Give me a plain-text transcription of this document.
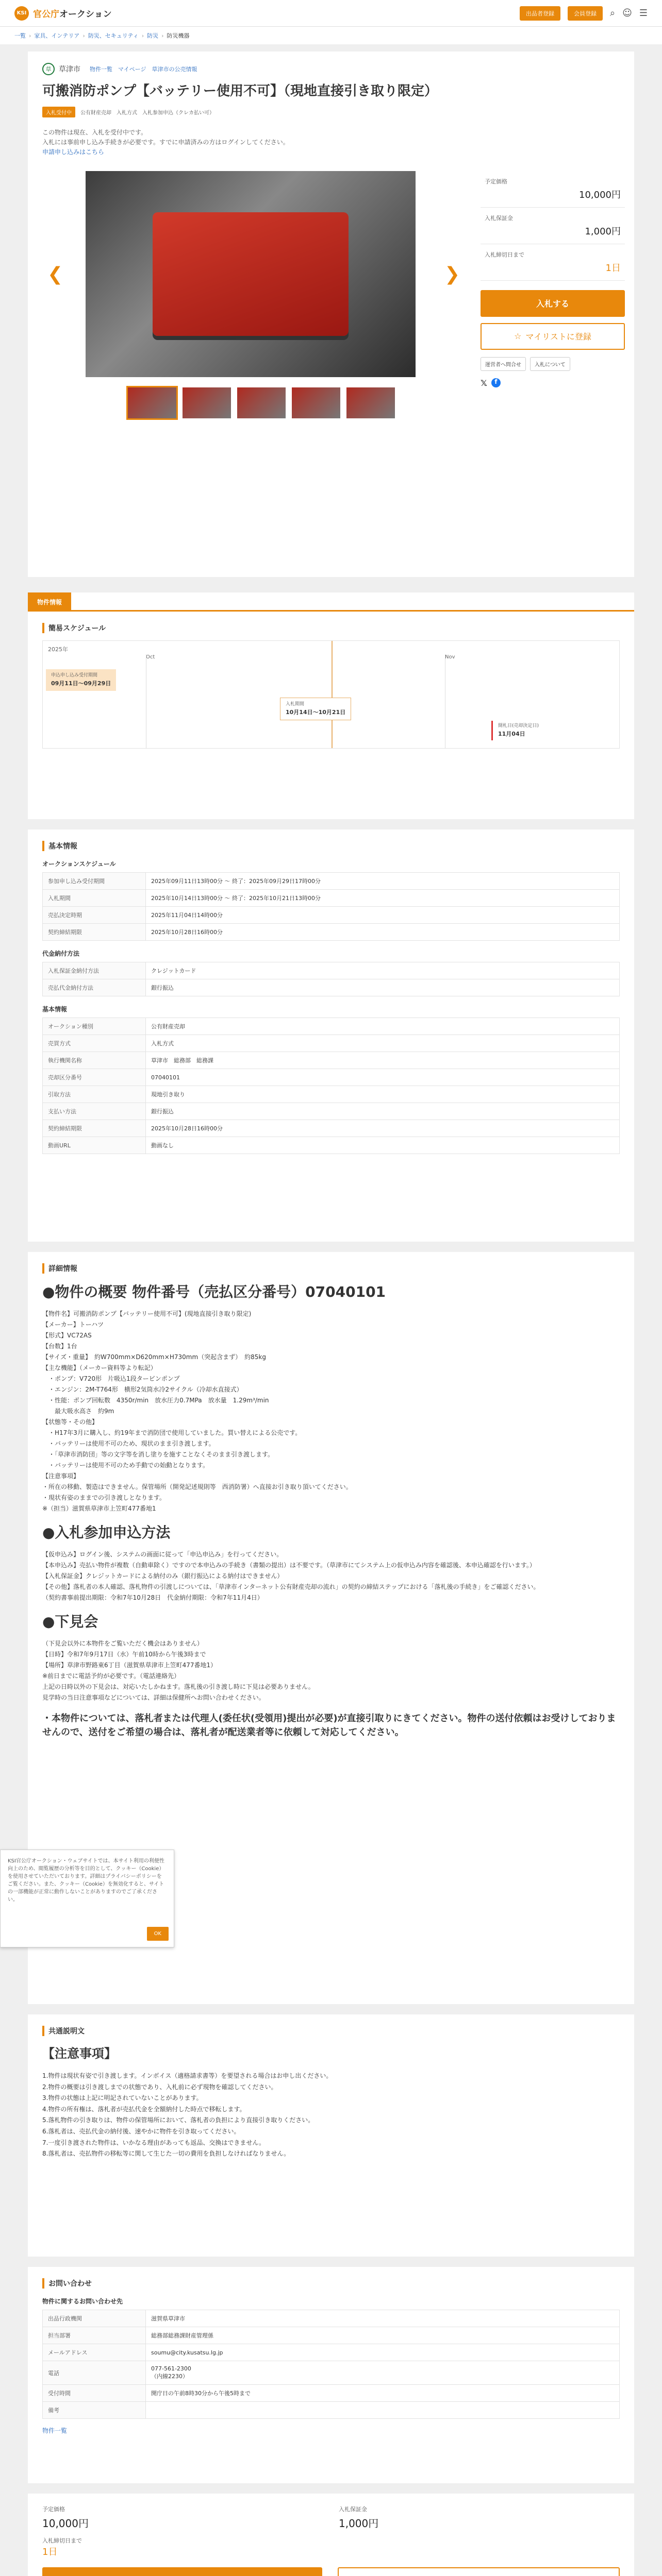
KSI 官公庁オークション	出品者登録	会員登録	⌕ ☺ ☰
一覧 › 家具、インテリア › 防災、セキュリティ › 防災 › 防災機器
草	草津市 物件一覧　マイページ　草津市の公売情報
可搬消防ポンプ【バッテリー使用不可】（現地直接引き取り限定）
入札受付中	公有財産売却 入札方式 入札参加申込（クレカ払い可）
この物件は現在、入札を受付中です。
入札には事前申し込み手続きが必要です。すでに申請済みの方はログインしてください。
申請申し込みはこちら
❮	❯
予定価格
10,000円
入札保証金
1,000円
入札締切日まで
1日
入札する
☆ マイリストに登録
運営者へ問合せ	入札について
𝕏	f
物件情報
簡易スケジュール
2025年
Oct	Nov
申込申し込み受付期間
09月11日～09月29日
入札期間
10月14日～10月21日
開札日(売却決定日)
11月04日
基本情報
オークションスケジュール
参加申し込み受付期間	2025年09月11日13時00分 ～ 終了：2025年09月29日17時00分
入札期間	2025年10月14日13時00分 ～ 終了：2025年10月21日13時00分
売払決定時期	2025年11月04日14時00分
契約締結期限	2025年10月28日16時00分
代金納付方法
入札保証金納付方法	クレジットカード
売払代金納付方法	銀行振込
基本情報
オークション種別	公有財産売却
売買方式	入札方式
執行機関名称	草津市　総務部　総務課
売却区分番号	07040101
引取方法	現地引き取り
支払い方法	銀行振込
契約締結期限	2025年10月28日16時00分
動画URL	動画なし
詳細情報
●物件の概要 物件番号（売払区分番号）07040101

【物件名】可搬消防ポンプ【バッテリー使用不可】(現地直接引き取り限定)
【メーカー】トーハツ
【形式】VC72AS
【台数】1台
【サイズ・重量】　約W700mm×D620mm×H730mm（突起含まず）　約85kg
【主な機能】（メーカー資料等より転記）
　・ポンプ：V720形　片吸込1段タービンポンプ
　・エンジン：2M-T764形　横形2気筒水冷2サイクル（冷却水直接式）
　・性能：ポンプ回転数　4350r/min　放水圧力0.7MPa　放水量　1.29m³/min
　　最大吸水高さ　約9m
【状態等・その他】
　・H17年3月に購入し、約19年まで消防団で使用していました。買い替えによる公売です。
　・バッテリーは使用不可のため、現状のまま引き渡します。
　・「草津市消防団」等の文字等を消し塗りを施すことなくそのまま引き渡します。
　・バッテリーは使用不可のため手動での始動となります。
【注意事項】
・所在の移動、製造はできません。保管場所（開発記述規則等　西消防署）へ直接お引き取り頂いてください。
・現状有姿のままでの引き渡しとなります。
※（担当）滋賀県草津市上笠町477番地1

●入札参加申込方法

【仮申込み】ログイン後、システムの画面に従って「申込申込み」を行ってください。
【本申込み】売払い物件が複数（自動車除く）ですので本申込みの手続き（書類の提出）は不要です。（草津市にてシステム上の仮申込み内容を確認後、本申込確認を行います。）
【入札保証金】クレジットカードによる納付のみ（銀行振込による納付はできません）
【その他】落札者の本人確認、落札物件の引渡しについては、「草津市インターネット公有財産売却の流れ」の契約の締結ステップにおける「落札後の手続き」をご確認ください。
（契約書事前提出期限：令和7年10月28日　代金納付期限：令和7年11月4日）

●下見会

（下見会以外に本物件をご覧いただく機会はありません）
【日時】令和7年9月17日（水）午前10時から午後3時まで
【場所】草津市野路東6丁目（滋賀県草津市上笠町477番地1）
※前日までに電話予約が必要です。（電話連絡先）
上記の日時以外の下見会は、対応いたしかねます。落札後の引き渡し時に下見は必要ありません。
見学時の当日注意事項などについては、詳細は保健所へお問い合わせください。

・本物件については、落札者または代理人(委任状(受領用)提出が必要)が直接引取りにきてください。物件の送付依頼はお受けしておりませんので、送付をご希望の場合は、落札者が配送業者等に依頼して対応してください。
KSI官公庁オークション・ウェブサイトでは、本サイト利用の利便性向上のため、閲覧履歴の分析等を目的として、クッキー（Cookie）を使用させていただいております。詳細はプライバシーポリシーをご覧ください。また、クッキー（Cookie）を無効化すると、サイトの一部機能が正常に動作しないことがありますのでご了承ください。
OK
共通説明文
【注意事項】

1.物件は現状有姿で引き渡します。インボイス（適格請求書等）を要望される場合はお申し出ください。
2.物件の概要は引き渡しまでの状態であり、入札前に必ず現物を確認してください。
3.物件の状態は上記に明記されていないことがあります。
4.物件の所有権は、落札者が売払代金を全額納付した時点で移転します。
5.落札物件の引き取りは、物件の保管場所において、落札者の負担により直接引き取りください。
6.落札者は、売払代金の納付後、速やかに物件を引き取ってください。
7.一度引き渡された物件は、いかなる理由があっても返品、交換はできません。
8.落札者は、売払物件の移転等に関して生じた一切の費用を負担しなければなりません。

お問い合わせ
物件に関するお問い合わせ先
出品行政機関	滋賀県草津市
担当部署	総務部総務課財産管理係
メールアドレス	soumu@city.kusatsu.lg.jp
電話	077-561-2300
（内線2230）
受付時間	開庁日の午前8時30分から午後5時まで
備考	
物件一覧
予定価格
10,000円
入札保証金
1,000円
入札締切日まで
1日
